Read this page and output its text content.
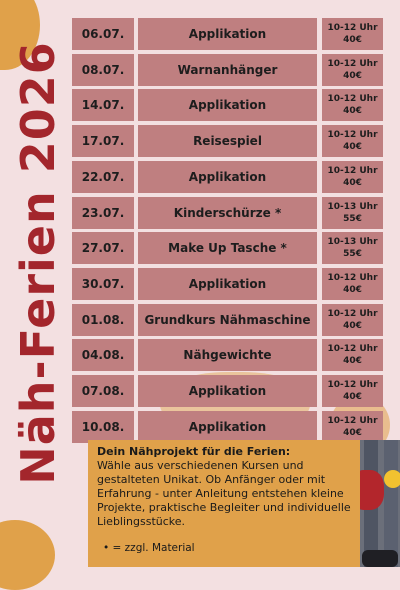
Näh-Ferien 2026
06.07.	Applikation	10-12 Uhr
40€
08.07.	Warnanhänger	10-12 Uhr
40€
14.07.	Applikation	10-12 Uhr
40€
17.07.	Reisespiel	10-12 Uhr
40€
22.07.	Applikation	10-12 Uhr
40€
23.07.	Kinderschürze *	10-13 Uhr
55€
27.07.	Make Up Tasche *	10-13 Uhr
55€
30.07.	Applikation	10-12 Uhr
40€
01.08.	Grundkurs Nähmaschine	10-12 Uhr
40€
04.08.	Nähgewichte	10-12 Uhr
40€
07.08.	Applikation	10-12 Uhr
40€
10.08.	Applikation	10-12 Uhr
40€
Dein Nähprojekt für die Ferien:
Wähle aus verschiedenen Kursen und gestalteten Unikat. Ob Anfänger oder mit Erfahrung - unter Anleitung entstehen kleine Projekte, praktische Begleiter und individuelle Lieblingsstücke.
• = zzgl. Material
